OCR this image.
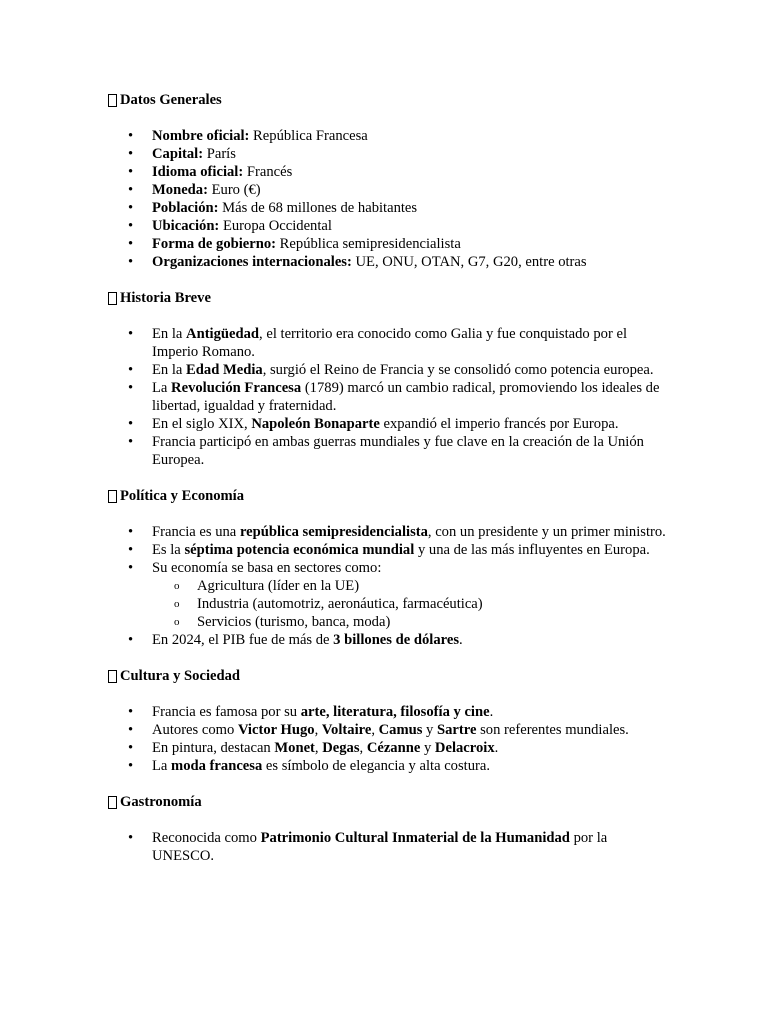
Datos Generales
• Nombre oficial: República Francesa
• Capital: París
• Idioma oficial: Francés
• Moneda: Euro (€)
• Población: Más de 68 millones de habitantes
• Ubicación: Europa Occidental
• Forma de gobierno: República semipresidencialista
• Organizaciones internacionales: UE, ONU, OTAN, G7, G20, entre otras
Historia Breve
• En la Antigüedad, el territorio era conocido como Galia y fue conquistado por el Imperio Romano.
• En la Edad Media, surgió el Reino de Francia y se consolidó como potencia europea.
• La Revolución Francesa (1789) marcó un cambio radical, promoviendo los ideales de libertad, igualdad y fraternidad.
• En el siglo XIX, Napoleón Bonaparte expandió el imperio francés por Europa.
• Francia participó en ambas guerras mundiales y fue clave en la creación de la Unión Europea.
Política y Economía
• Francia es una república semipresidencialista, con un presidente y un primer ministro.
• Es la séptima potencia económica mundial y una de las más influyentes en Europa.
• Su economía se basa en sectores como:
o Agricultura (líder en la UE)
o Industria (automotriz, aeronáutica, farmacéutica)
o Servicios (turismo, banca, moda)
• En 2024, el PIB fue de más de 3 billones de dólares.
Cultura y Sociedad
• Francia es famosa por su arte, literatura, filosofía y cine.
• Autores como Victor Hugo, Voltaire, Camus y Sartre son referentes mundiales.
• En pintura, destacan Monet, Degas, Cézanne y Delacroix.
• La moda francesa es símbolo de elegancia y alta costura.
Gastronomía
• Reconocida como Patrimonio Cultural Inmaterial de la Humanidad por la UNESCO.
